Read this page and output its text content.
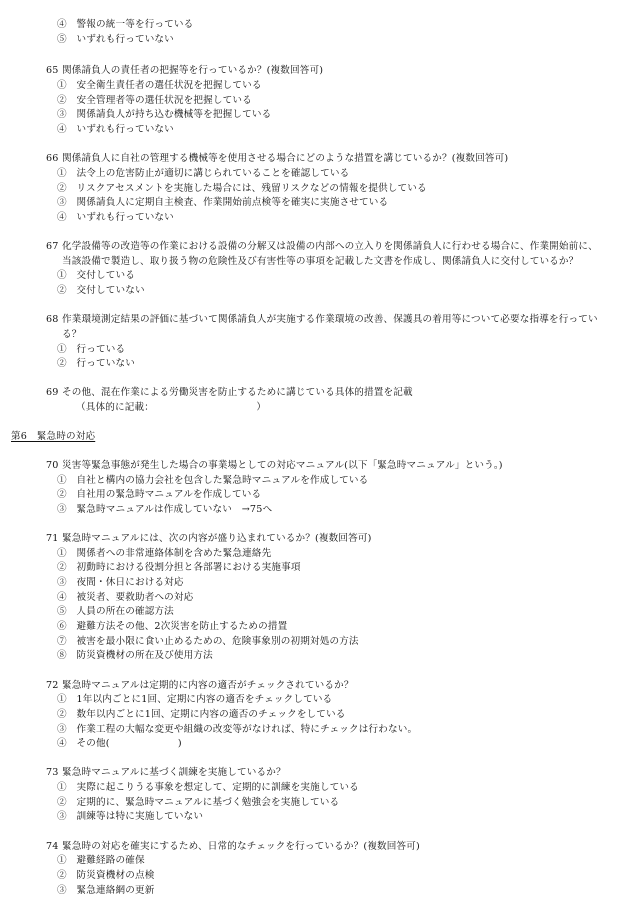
④　警報の統一等を行っている
⑤　いずれも行っていない
65 関係請負人の責任者の把握等を行っているか？(複数回答可)
①　安全衛生責任者の選任状況を把握している
②　安全管理者等の選任状況を把握している
③　関係請負人が持ち込む機械等を把握している
④　いずれも行っていない
66 関係請負人に自社の管理する機械等を使用させる場合にどのような措置を講じているか？(複数回答可)
①　法令上の危害防止が適切に講じられていることを確認している
②　リスクアセスメントを実施した場合には、残留リスクなどの情報を提供している
③　関係請負人に定期自主検査、作業開始前点検等を確実に実施させている
④　いずれも行っていない
67 化学設備等の改造等の作業における設備の分解又は設備の内部への立入りを関係請負人に行わせる場合に、作業開始前に、
当該設備で製造し、取り扱う物の危険性及び有害性等の事項を記載した文書を作成し、関係請負人に交付しているか？
①　交付している
②　交付していない
68 作業環境測定結果の評価に基づいて関係請負人が実施する作業環境の改善、保護具の着用等について必要な指導を行ってい
る？
①　行っている
②　行っていない
69 その他、混在作業による労働災害を防止するために講じている具体的措置を記載
（具体的に記載：　　　　　　　　　　　）
第6　緊急時の対応
70 災害等緊急事態が発生した場合の事業場としての対応マニュアル(以下「緊急時マニュアル」という。)
①　自社と構内の協力会社を包含した緊急時マニュアルを作成している
②　自社用の緊急時マニュアルを作成している
③　緊急時マニュアルは作成していない　→75へ
71 緊急時マニュアルには、次の内容が盛り込まれているか？(複数回答可)
①　関係者への非常連絡体制を含めた緊急連絡先
②　初動時における役割分担と各部署における実施事項
③　夜間・休日における対応
④　被災者、要救助者への対応
⑤　人員の所在の確認方法
⑥　避難方法その他、2次災害を防止するための措置
⑦　被害を最小限に食い止めるための、危険事象別の初期対処の方法
⑧　防災資機材の所在及び使用方法
72 緊急時マニュアルは定期的に内容の適否がチェックされているか？
①　1年以内ごとに1回、定期に内容の適否をチェックしている
②　数年以内ごとに1回、定期に内容の適否のチェックをしている
③　作業工程の大幅な変更や組織の改変等がなければ、特にチェックは行わない。
④　その他(　　　　　　　)
73 緊急時マニュアルに基づく訓練を実施しているか？
①　実際に起こりうる事象を想定して、定期的に訓練を実施している
②　定期的に、緊急時マニュアルに基づく勉強会を実施している
③　訓練等は特に実施していない
74 緊急時の対応を確実にするため、日常的なチェックを行っているか？(複数回答可)
①　避難経路の確保
②　防災資機材の点検
③　緊急連絡網の更新
